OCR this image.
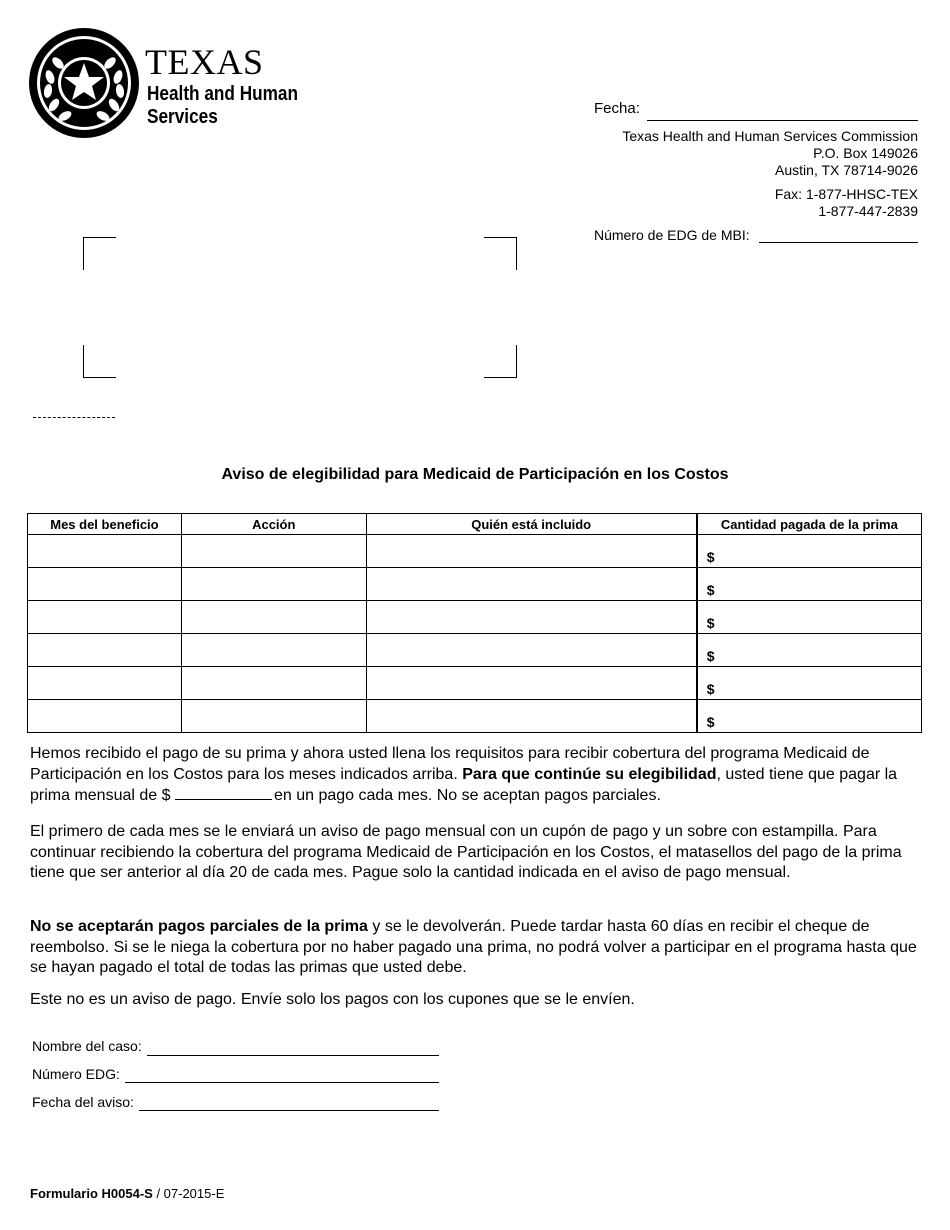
TEXAS
Health and Human
Services	Fecha:
Texas Health and Human Services Commission
P.O. Box 149026
Austin, TX 78714-9026
Fax: 1-877-HHSC-TEX
1-877-447-2839
Número de EDG de MBI:
Aviso de elegibilidad para Medicaid de Participación en los Costos
Mes del beneficio	Acción	Quién está incluido	Cantidad pagada de la prima
			$
			$
			$
			$
			$
			$
Hemos recibido el pago de su prima y ahora usted llena los requisitos para recibir cobertura del programa Medicaid de Participación en los Costos para los meses indicados arriba. Para que continúe su elegibilidad, usted tiene que pagar la prima mensual de $	en un pago cada mes. No se aceptan pagos parciales.
El primero de cada mes se le enviará un aviso de pago mensual con un cupón de pago y un sobre con estampilla. Para continuar recibiendo la cobertura del programa Medicaid de Participación en los Costos, el matasellos del pago de la prima tiene que ser anterior al día 20 de cada mes. Pague solo la cantidad indicada en el aviso de pago mensual.
No se aceptarán pagos parciales de la prima y se le devolverán. Puede tardar hasta 60 días en recibir el cheque de reembolso. Si se le niega la cobertura por no haber pagado una prima, no podrá volver a participar en el programa hasta que se hayan pagado el total de todas las primas que usted debe.
Este no es un aviso de pago. Envíe solo los pagos con los cupones que se le envíen.
Nombre del caso:
Número EDG:
Fecha del aviso:
Formulario H0054-S / 07-2015-E
